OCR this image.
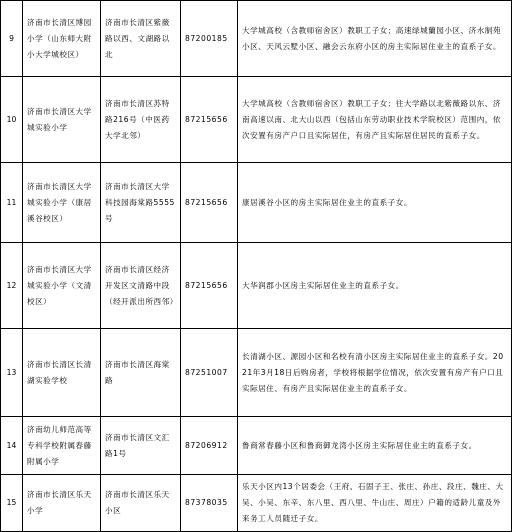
9	济南市长清区博园小学（山东师大附小大学城校区）	济南市长清区紫薇路以西、文湖路以北	87200185	大学城高校（含教师宿舍区）教职工子女；高速绿城蘭园小区、济水制苑小区、天风云墅小区、融会云东府小区的房主实际居住业主的直系子女。
10	济南市长清区大学城实验小学	济南市长清区苏特路216号（中医药大学北邻）	87215656	大学城高校（含教师宿舍区）教职工子女；往大学路以北紫薇路以东、济南高速以南、北大山以西（包括山东劳动职业技术学院校区）范围内，依次安置有房产户口且实际居住，有房产且实际居住居民的直系子女。
11	济南市长清区大学城实验小学（康居溪谷校区）	济南市长清区大学科技园海棠路5555号	87215656	康居溪谷小区的房主实际居住业主的直系子女。
12	济南市长清区大学城实验小学（文清校区）	济南市长清区经济开发区文清路中段（经开派出所西邻）	87215656	大华润郡小区房主实际居住业主的直系子女。
13	济南市长清区长清湖实验学校	济南市长清区海棠路	87251007	长清湖小区、源园小区和名校有清小区房主实际居住业主的直系子女。2021年3月18日后购房者，学校将根据学位情况，依次安置有房产有户口且实际居住、有房产且实际居住业主的直系子女。
14	济南幼儿师范高等专科学校附属春藤附属小学	济南市长清区文汇路1号	87206912	鲁商常春藤小区和鲁商御龙湾小区房主实际居住业主的直系子女。
15	济南市长清区乐天小学	济南市长清区乐天小区	87378035	乐天小区内13个居委会（王府、石固子王、张庄、孙庄、段庄、魏庄、大吴、小吴、东辛、东八里、西八里、牛山庄、周庄）户籍的适龄儿童及外来务工人员随迁子女。
